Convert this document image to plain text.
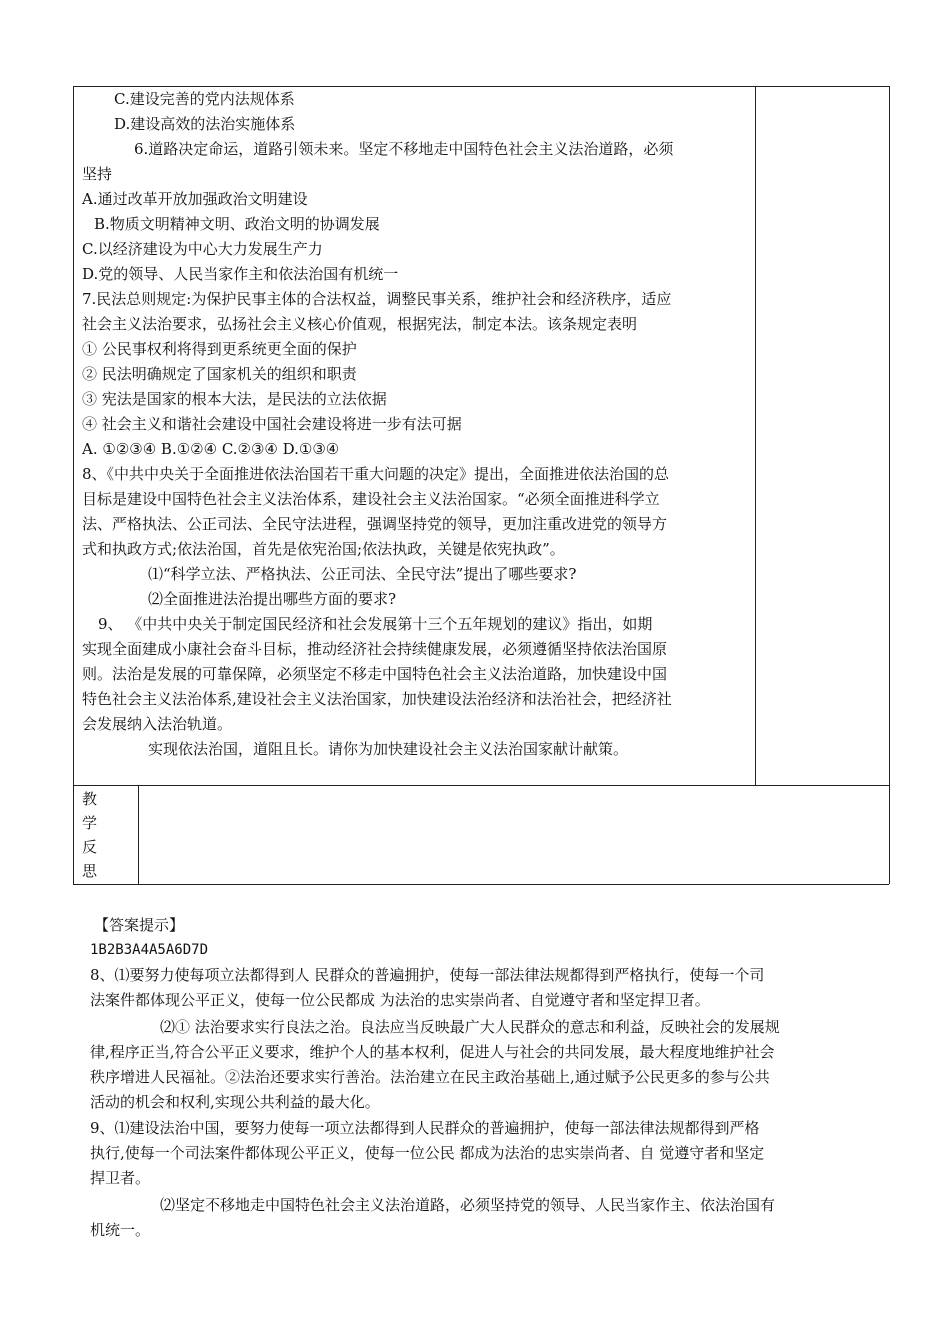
C.建设完善的党内法规体系
D.建设高效的法治实施体系
6.道路决定命运，道路引领未来。坚定不移地走中国特色社会主义法治道路，必须
坚持
A.通过改革开放加强政治文明建设
B.物质文明精神文明、政治文明的协调发展
C.以经济建设为中心大力发展生产力
D.党的领导、人民当家作主和依法治国有机统一
7.民法总则规定:为保护民事主体的合法权益，调整民事关系，维护社会和经济秩序，适应
社会主义法治要求，弘扬社会主义核心价值观，根据宪法，制定本法。该条规定表明
① 公民事权利将得到更系统更全面的保护
② 民法明确规定了国家机关的组织和职责
③ 宪法是国家的根本大法，是民法的立法依据
④ 社会主义和谐社会建设中国社会建设将进一步有法可据
A. ①②③④ B.①②④ C.②③④ D.①③④
8、《中共中央关于全面推进依法治国若干重大问题的决定》提出，全面推进依法治国的总
目标是建设中国特色社会主义法治体系，建设社会主义法治国家。“必须全面推进科学立
法、严格执法、公正司法、全民守法进程，强调坚持党的领导，更加注重改进党的领导方
式和执政方式;依法治国，首先是依宪治国;依法执政，关键是依宪执政”。
⑴“科学立法、严格执法、公正司法、全民守法”提出了哪些要求?
⑵全面推进法治提出哪些方面的要求?
9、 《中共中央关于制定国民经济和社会发展第十三个五年规划的建议》指出，如期
实现全面建成小康社会奋斗目标，推动经济社会持续健康发展，必须遵循坚持依法治国原
则。法治是发展的可靠保障，必须坚定不移走中国特色社会主义法治道路，加快建设中国
特色社会主义法治体系,建设社会主义法治国家，加快建设法治经济和法治社会，把经济社
会发展纳入法治轨道。
实现依法治国，道阻且长。请你为加快建设社会主义法治国家献计献策。
教
学
反
思
【答案提示】
1B2B3A4A5A6D7D
8、⑴要努力使每项立法都得到人 民群众的普遍拥护，使每一部法律法规都得到严格执行，使每一个司
法案件都体现公平正义，使每一位公民都成 为法治的忠实崇尚者、自觉遵守者和坚定捍卫者。
⑵① 法治要求实行良法之治。良法应当反映最广大人民群众的意志和利益，反映社会的发展规
律,程序正当,符合公平正义要求，维护个人的基本权利，促进人与社会的共同发展，最大程度地维护社会
秩序增进人民福祉。②法治还要求实行善治。法治建立在民主政治基础上,通过赋予公民更多的参与公共
活动的机会和权利,实现公共利益的最大化。
9、⑴建设法治中国，要努力使每一项立法都得到人民群众的普遍拥护，使每一部法律法规都得到严格
执行,使每一个司法案件都体现公平正义，使每一位公民 都成为法治的忠实崇尚者、自 觉遵守者和坚定
捍卫者。
⑵坚定不移地走中国特色社会主义法治道路，必须坚持党的领导、人民当家作主、依法治国有
机统一。
